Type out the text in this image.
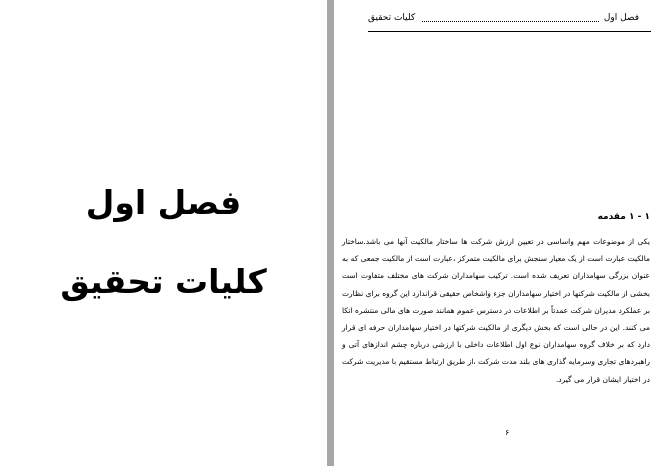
فصل اول
کلیات تحقیق
فصل اول
کلیات تحقیق
۱ - ۱ مقدمه
یکی از موضوعات مهم واساسی در تعیین ارزش شرکت ها ساختار مالکیت آنها می باشد.ساختار مالکیت عبارت است از یک معیار سنجش برای مالکیت متمرکز ،عبارت است از مالکیت جمعی که به عنوان بزرگی سهامداران تعریف شده است. ترکیب سهامداران شرکت های مختلف متفاوت است بخشی از مالکیت شرکتها در اختیار سهامداران جزء واشخاص حقیقی قراندارد این گروه برای نظارت بر عملکرد مدیران شرکت عمدتاً بر اطلاعات در دسترس عموم همانند صورت های مالی منتشره اتکا می کنند. این در حالی است که بخش دیگری از مالکیت شرکتها در اختیار سهامداران حرفه ای قرار دارد که بر خلاف گروه سهامداران نوع اول اطلاعات داخلی با ارزشی درباره چشم اندازهای آتی و راهبردهای تجاری وسرمایه گذاری های بلند مدت شرکت ،از طریق ارتباط مستقیم با مدیریت شرکت در اختیار ایشان قرار می گیرد.
۶
